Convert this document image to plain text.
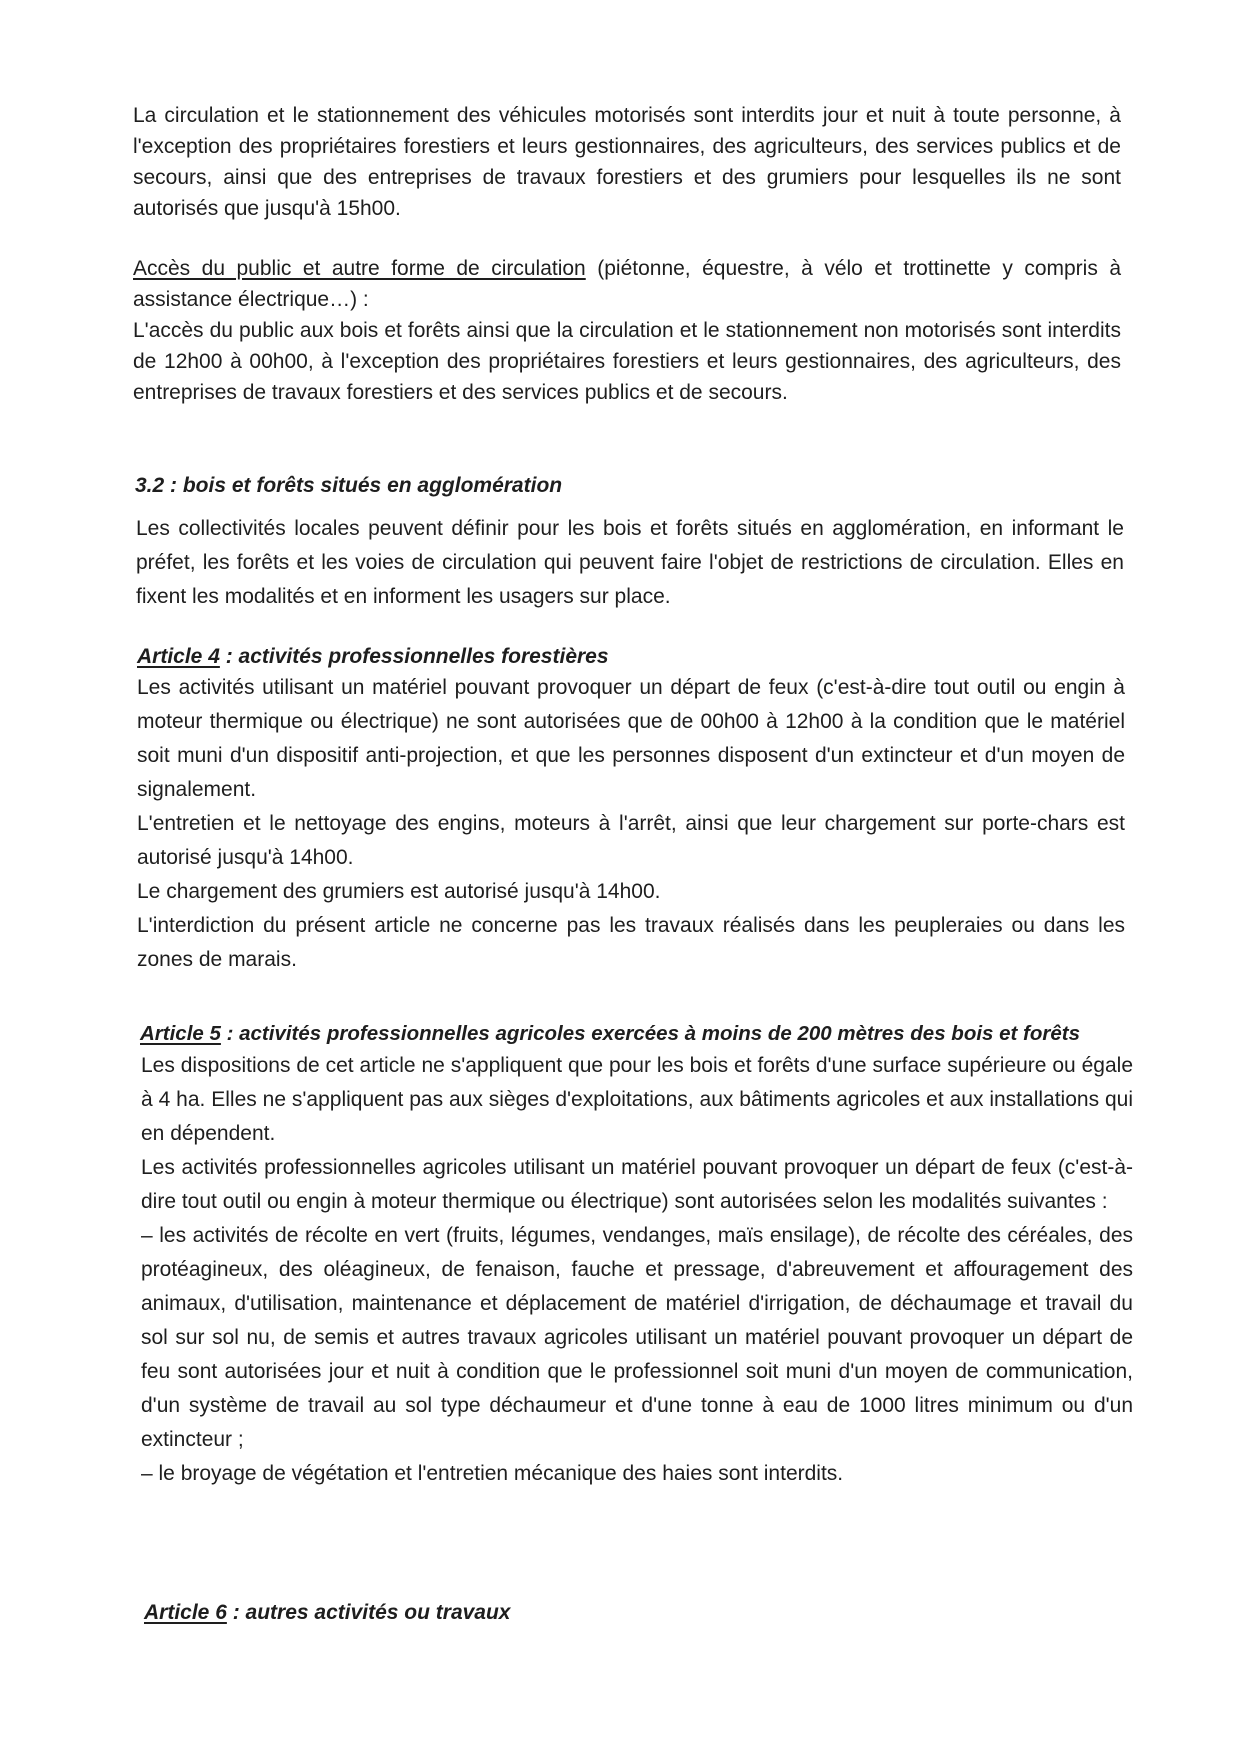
La circulation et le stationnement des véhicules motorisés sont interdits jour et nuit à toute personne, à l'exception des propriétaires forestiers et leurs gestionnaires, des agriculteurs, des services publics et de secours, ainsi que des entreprises de travaux forestiers et des grumiers pour lesquelles ils ne sont autorisés que jusqu'à 15h00.

Accès du public et autre forme de circulation (piétonne, équestre, à vélo et trottinette y compris à assistance électrique…) :

L'accès du public aux bois et forêts ainsi que la circulation et le stationnement non motorisés sont interdits de 12h00 à 00h00, à l'exception des propriétaires forestiers et leurs gestionnaires, des agriculteurs, des entreprises de travaux forestiers et des services publics et de secours.

3.2 : bois et forêts situés en agglomération

Les collectivités locales peuvent définir pour les bois et forêts situés en agglomération, en informant le préfet, les forêts et les voies de circulation qui peuvent faire l'objet de restrictions de circulation. Elles en fixent les modalités et en informent les usagers sur place.

Article 4 : activités professionnelles forestières

Les activités utilisant un matériel pouvant provoquer un départ de feux (c'est-à-dire tout outil ou engin à moteur thermique ou électrique) ne sont autorisées que de 00h00 à 12h00 à la condition que le matériel soit muni d'un dispositif anti-projection, et que les personnes disposent d'un extincteur et d'un moyen de signalement.

L'entretien et le nettoyage des engins, moteurs à l'arrêt, ainsi que leur chargement sur porte-chars est autorisé jusqu'à 14h00.

Le chargement des grumiers est autorisé jusqu'à 14h00.

L'interdiction du présent article ne concerne pas les travaux réalisés dans les peupleraies ou dans les zones de marais.

Article 5 : activités professionnelles agricoles exercées à moins de 200 mètres des bois et forêts

Les dispositions de cet article ne s'appliquent que pour les bois et forêts d'une surface supérieure ou égale à 4 ha. Elles ne s'appliquent pas aux sièges d'exploitations, aux bâtiments agricoles et aux installations qui en dépendent.

Les activités professionnelles agricoles utilisant un matériel pouvant provoquer un départ de feux (c'est-à-dire tout outil ou engin à moteur thermique ou électrique) sont autorisées selon les modalités suivantes :

– les activités de récolte en vert (fruits, légumes, vendanges, maïs ensilage), de récolte des céréales, des protéagineux, des oléagineux, de fenaison, fauche et pressage, d'abreuvement et affouragement des animaux, d'utilisation, maintenance et déplacement de matériel d'irrigation, de déchaumage et travail du sol sur sol nu, de semis et autres travaux agricoles utilisant un matériel pouvant provoquer un départ de feu sont autorisées jour et nuit à condition que le professionnel soit muni d'un moyen de communication, d'un système de travail au sol type déchaumeur et d'une tonne à eau de 1000 litres minimum ou d'un extincteur ;

– le broyage de végétation et l'entretien mécanique des haies sont interdits.

Article 6 : autres activités ou travaux
